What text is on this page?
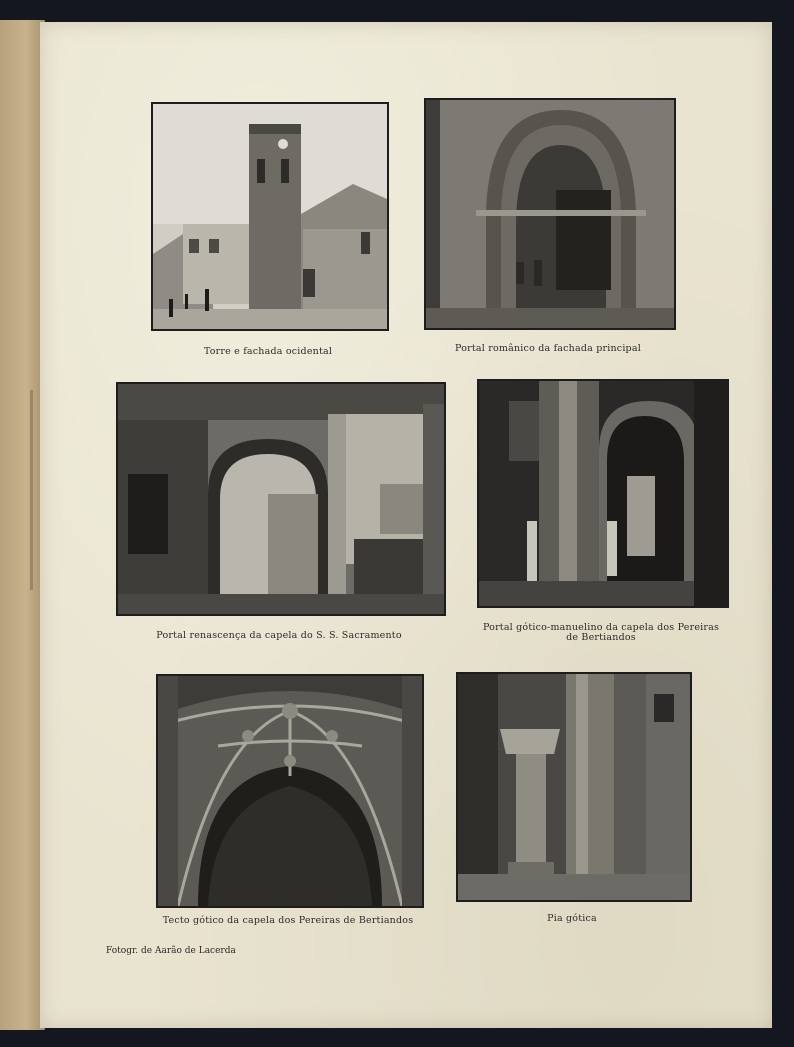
Torre e fachada ocidental	Portal românico da fachada principal
Portal renascença da capela do S. S. Sacramento
Portal gótico-manuelino da capela dos Pereiras
de Bertiandos
Tecto gótico da capela dos Pereiras de Bertiandos	Pia gótica
Fotogr. de Aarão de Lacerda
